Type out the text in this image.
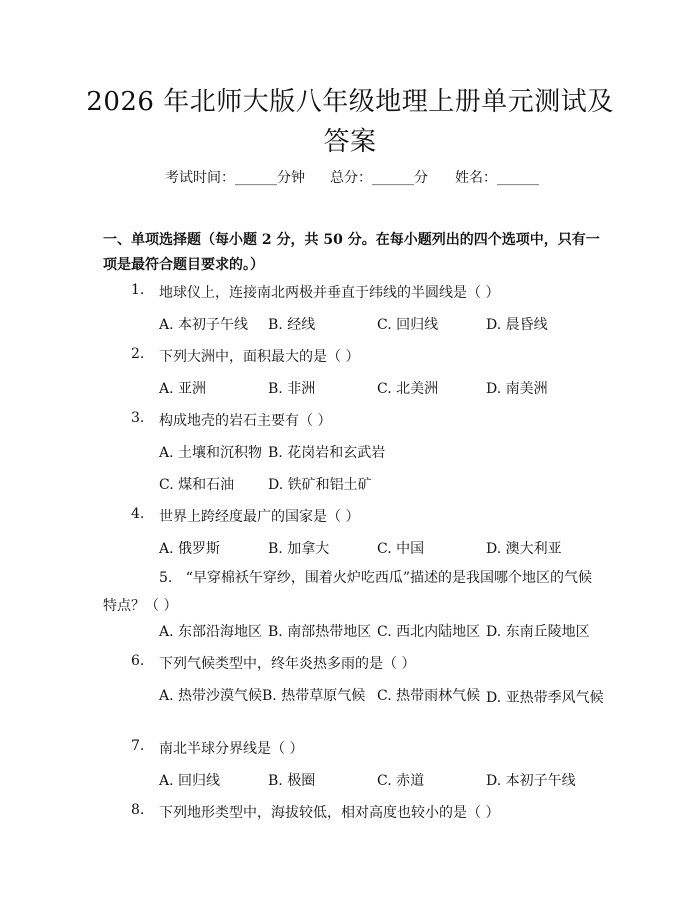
2026 年北师大版八年级地理上册单元测试及
答案
考试时间：______分钟 总分：______分 姓名：______
一、单项选择题（每小题 2 分，共 50 分。在每小题列出的四个选项中，只有一项是最符合题目要求的。）
1. 地球仪上，连接南北两极并垂直于纬线的半圆线是（ ）
A. 本初子午线 B. 经线	C. 回归线	D. 晨昏线
2. 下列大洲中，面积最大的是（ ）
A. 亚洲	B. 非洲	C. 北美洲	D. 南美洲
3. 构成地壳的岩石主要有（ ）
A. 土壤和沉积物 B. 花岗岩和玄武岩
C. 煤和石油 D. 铁矿和铝土矿
4. 世界上跨经度最广的国家是（ ）
A. 俄罗斯	B. 加拿大	C. 中国	D. 澳大利亚
5. “早穿棉袄午穿纱，围着火炉吃西瓜”描述的是我国哪个地区的气候特点？（ ）
A. 东部沿海地区 B. 南部热带地区 C. 西北内陆地区 D. 东南丘陵地区
6. 下列气候类型中，终年炎热多雨的是（ ）
A. 热带沙漠气候 B. 热带草原气候 C. 热带雨林气候 D. 亚热带季风气候
7. 南北半球分界线是（ ）
A. 回归线	B. 极圈	C. 赤道	D. 本初子午线
8. 下列地形类型中，海拔较低，相对高度也较小的是（ ）
